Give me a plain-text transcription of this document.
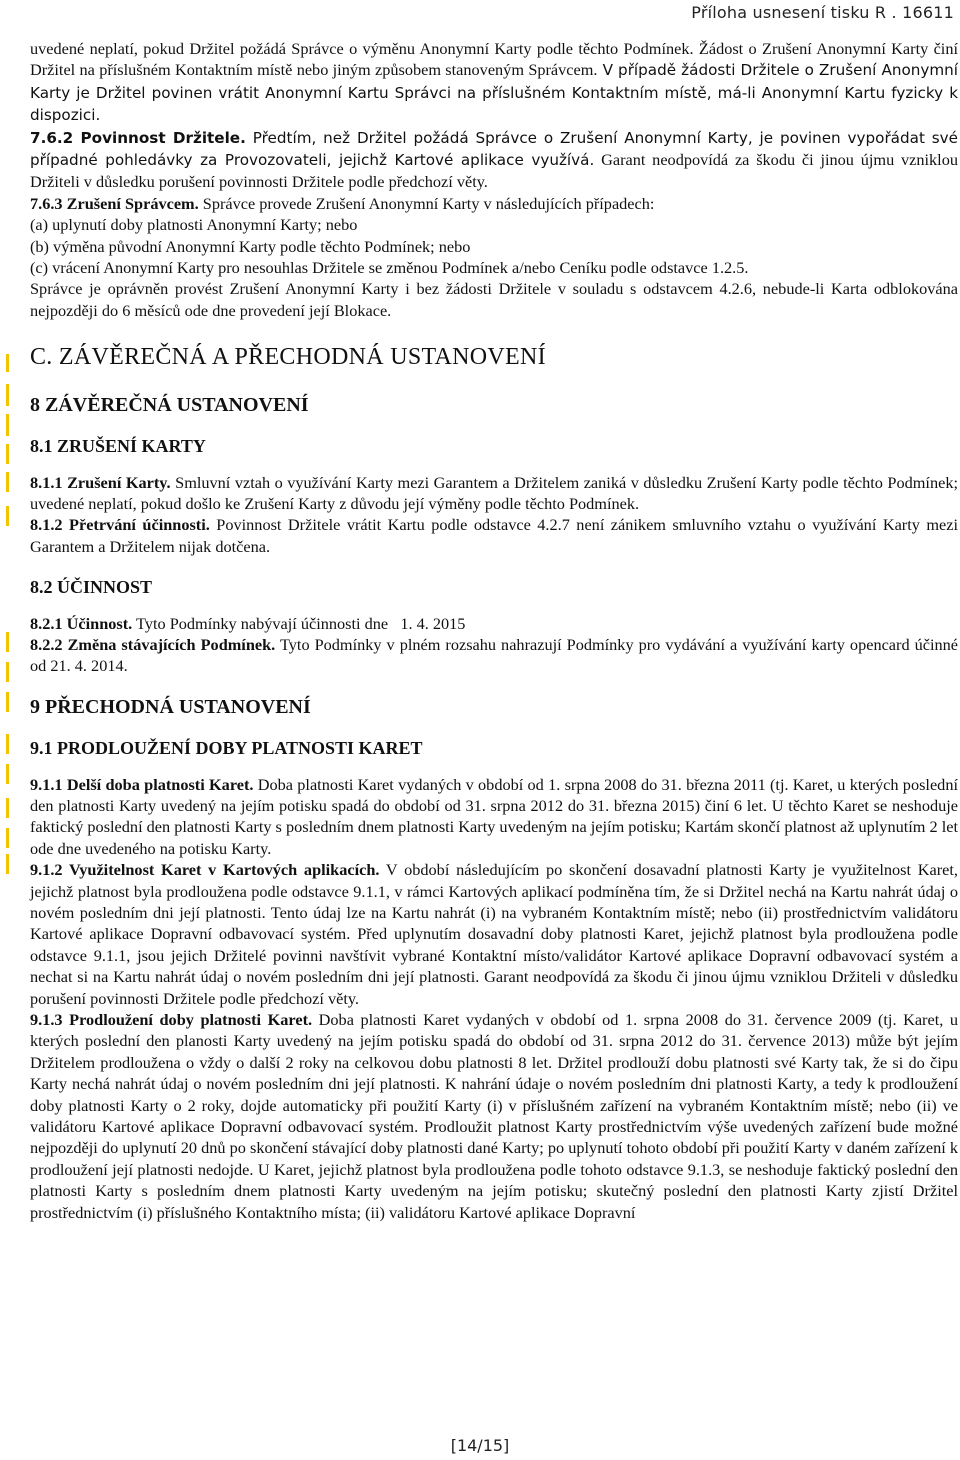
Příloha usnesení tisku R . 16611

uvedené neplatí, pokud Držitel požádá Správce o výměnu Anonymní Karty podle těchto Podmínek. Žádost o Zrušení Anonymní Karty činí Držitel na příslušném Kontaktním místě nebo jiným způsobem stanoveným Správcem. V případě žádosti Držitele o Zrušení Anonymní Karty je Držitel povinen vrátit Anonymní Kartu Správci na příslušném Kontaktním místě, má-li Anonymní Kartu fyzicky k dispozici.

7.6.2 Povinnost Držitele. Předtím, než Držitel požádá Správce o Zrušení Anonymní Karty, je povinen vypořádat své případné pohledávky za Provozovateli, jejichž Kartové aplikace využívá. Garant neodpovídá za škodu či jinou újmu vzniklou Držiteli v důsledku porušení povinnosti Držitele podle předchozí věty.

7.6.3 Zrušení Správcem. Správce provede Zrušení Anonymní Karty v následujících případech:

(a) uplynutí doby platnosti Anonymní Karty; nebo

(b) výměna původní Anonymní Karty podle těchto Podmínek; nebo

(c) vrácení Anonymní Karty pro nesouhlas Držitele se změnou Podmínek a/nebo Ceníku podle odstavce 1.2.5.

Správce je oprávněn provést Zrušení Anonymní Karty i bez žádosti Držitele v souladu s odstavcem 4.2.6, nebude-li Karta odblokována nejpozději do 6 měsíců ode dne provedení její Blokace.

C. ZÁVĚREČNÁ A PŘECHODNÁ USTANOVENÍ
8 ZÁVĚREČNÁ USTANOVENÍ
8.1 ZRUŠENÍ KARTY

8.1.1 Zrušení Karty. Smluvní vztah o využívání Karty mezi Garantem a Držitelem zaniká v důsledku Zrušení Karty podle těchto Podmínek; uvedené neplatí, pokud došlo ke Zrušení Karty z důvodu její výměny podle těchto Podmínek.

8.1.2 Přetrvání účinnosti. Povinnost Držitele vrátit Kartu podle odstavce 4.2.7 není zánikem smluvního vztahu o využívání Karty mezi Garantem a Držitelem nijak dotčena.

8.2 ÚČINNOST

8.2.1 Účinnost. Tyto Podmínky nabývají účinnosti dne   1. 4. 2015

8.2.2 Změna stávajících Podmínek. Tyto Podmínky v plném rozsahu nahrazují Podmínky pro vydávání a využívání karty opencard účinné od 21. 4. 2014.

9 PŘECHODNÁ USTANOVENÍ
9.1 PRODLOUŽENÍ DOBY PLATNOSTI KARET

9.1.1 Delší doba platnosti Karet. Doba platnosti Karet vydaných v období od 1. srpna 2008 do 31. března 2011 (tj. Karet, u kterých poslední den platnosti Karty uvedený na jejím potisku spadá do období od 31. srpna 2012 do 31. března 2015) činí 6 let. U těchto Karet se neshoduje faktický poslední den platnosti Karty s posledním dnem platnosti Karty uvedeným na jejím potisku; Kartám skončí platnost až uplynutím 2 let ode dne uvedeného na potisku Karty.

9.1.2 Využitelnost Karet v Kartových aplikacích. V období následujícím po skončení dosavadní platnosti Karty je využitelnost Karet, jejichž platnost byla prodloužena podle odstavce 9.1.1, v rámci Kartových aplikací podmíněna tím, že si Držitel nechá na Kartu nahrát údaj o novém posledním dni její platnosti. Tento údaj lze na Kartu nahrát (i) na vybraném Kontaktním místě; nebo (ii) prostřednictvím validátoru Kartové aplikace Dopravní odbavovací systém. Před uplynutím dosavadní doby platnosti Karet, jejichž platnost byla prodloužena podle odstavce 9.1.1, jsou jejich Držitelé povinni navštívit vybrané Kontaktní místo/validátor Kartové aplikace Dopravní odbavovací systém a nechat si na Kartu nahrát údaj o novém posledním dni její platnosti. Garant neodpovídá za škodu či jinou újmu vzniklou Držiteli v důsledku porušení povinnosti Držitele podle předchozí věty.

9.1.3 Prodloužení doby platnosti Karet. Doba platnosti Karet vydaných v období od 1. srpna 2008 do 31. července 2009 (tj. Karet, u kterých poslední den planosti Karty uvedený na jejím potisku spadá do období od 31. srpna 2012 do 31. července 2013) může být jejím Držitelem prodloužena o vždy o další 2 roky na celkovou dobu platnosti 8 let. Držitel prodlouží dobu platnosti své Karty tak, že si do čipu Karty nechá nahrát údaj o novém posledním dni její platnosti. K nahrání údaje o novém posledním dni platnosti Karty, a tedy k prodloužení doby platnosti Karty o 2 roky, dojde automaticky při použití Karty (i) v příslušném zařízení na vybraném Kontaktním místě; nebo (ii) ve validátoru Kartové aplikace Dopravní odbavovací systém. Prodloužit platnost Karty prostřednictvím výše uvedených zařízení bude možné nejpozději do uplynutí 20 dnů po skončení stávající doby platnosti dané Karty; po uplynutí tohoto období při použití Karty v daném zařízení k prodloužení její platnosti nedojde. U Karet, jejichž platnost byla prodloužena podle tohoto odstavce 9.1.3, se neshoduje faktický poslední den platnosti Karty s posledním dnem platnosti Karty uvedeným na jejím potisku; skutečný poslední den platnosti Karty zjistí Držitel prostřednictvím (i) příslušného Kontaktního místa; (ii) validátoru Kartové aplikace Dopravní

[14/15]
